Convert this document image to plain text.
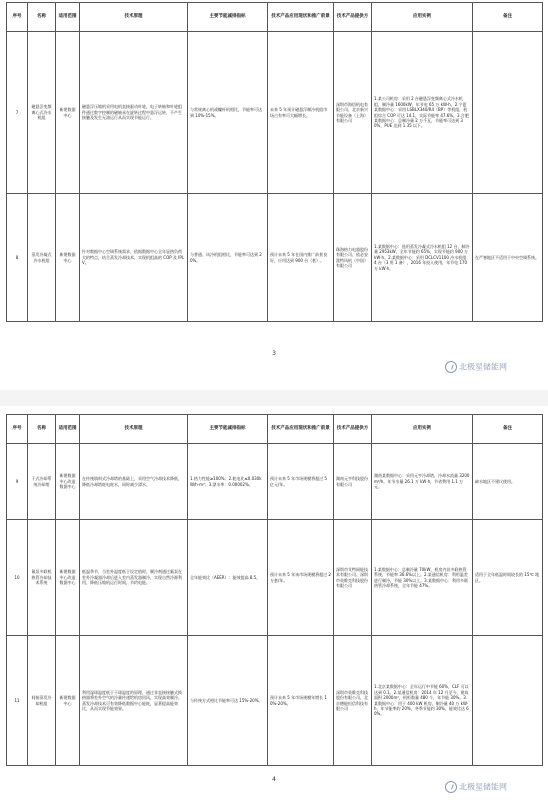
序号	名称	适用范围	技术原理	主要节能减排指标	技术产品应用现状和推广前景	技术产品提供方	应用实例	备注
7	磁悬浮变频离心式冷水机组	新建数据中心	磁悬浮压缩机采用电机直接驱动叶轮，电子转轴和叶轮组件通过数字控制的磁轴承在旋转过程中悬浮运转，不产生接触及发生无油运行从而实现节能运行。	与常规离心机或螺杆机相比，节能率可达到 10%-15%。	未来 5 年预计磁悬浮制冷机组市场占有率可大幅增长。	深圳市海悟机电有限公司、北京新兴节能设备（上海）有限公司	1.某公司机房：采用 2 台磁悬浮变频离心式冷水机组，制冷量 1600kW，年节电 65 万 kW·h。2.宁夏某数据中心：采用 LSBLX340/R4（BP）等机组，机组综合 COP 可达 14.1，实际节能率 47.6%。3.合肥某数据中心：总制冷量 2 万千瓦，节能率可达到 30%，PUE 达到 1.35 以下。	
8	蒸发冷凝式冷水机组	新建数据中心	针对数据中心空调系统需求，依据数据中心全年显热负荷大的特点，结合蒸发冷却技术，实现机组高的 COP 及 IPLV。	与普通、风冷机组相比，节能率可达到 20%。	预计未来 5 年在国内推广前景良好，应用达到 900 台（套）。	珠海格力电器股份有限公司、依必安派特风机（中国）有限公司	1.某数据中心：选用蒸发冷凝式冷水机组 12 台，制冷量 2953kW，全年节能约 65%，实现节能约 900 万 kW·h。2.某数据中心：采用 DCLCV1100 冷水机组 4 台（3 用 1 备），2016 年投入使用，年节电 170 万 kW·h。	在严寒地区不适用于中央空调系统。
3
北极星储能网
序号	名称	适用范围	技术原理	主要节能减排指标	技术产品应用现状和推广前景	技术产品提供方	应用实例	备注
9	干式冷却系统冷却塔	新建数据中心改造数据中心	在传统填料式冷却塔的基础上，采用空气冷却技术降低，降低冷却塔耗电耗水，同时减少漂水。	1.热力性能≥100%；2.耗电比≤0.030kW/h·m³；3.漂水率：0.00002%。	预计未来 5 年市场规模将超过 5 亿元/年。	湖南元亨科技股份有限公司	湖南某数据中心：采用元亨冷却塔，冷却水流量 3200 m³/h，年节水量 26.1 万 kW·h，节省费用 1.1 万元。	缺水地区不建议使用。
10	氟泵多联机热管冷却技术系统	新建数据中心改造数据中心	低温季节，当室外温度低于设定值时，制冷剂通过氟泵在室外冷凝器冷却后进入室内蒸发器制冷，实现自然冷源利用，降低压缩机运行时间，节约电能。	全年能效比（AEER）：能效提高 8.5。	预计未来 5 年该市场规模将超过 2 万套/年。	深圳市艾特网能技术有限公司、深圳市英维克科技股份有限公司	1.某数据中心：总制冷量 70kW，机房内设多联热管系统，节能率 36.6%以上。2.某通信机房：利用温差进行制冷，节能 30%以上。3.某数据中心：利用多联热管冷却系统，全年节能 47%。	适用于全年低温时间较长的 15℃ 地区。
11	间接蒸发冷却机组	新建数据中心	利用湿球温度低于干球温度的原理，通过非直接接触式换热器将室外空气的冷量传递给机房回风，实现高效制冷。蒸发冷却技术可有效降低数据中心能耗，显著提高能效比，从而实现节能效果。	与传统方式相比节能率可达 15%-20%。	预计未来 5 年市场规模年增长 10%-20%。	深圳市英维克科技股份有限公司、北京德能恒信科技有限公司	1.北京某数据中心：全年运行中节能 60%，CLF 可以达到 0.1。2.某通信机房：2014 年 12 月至今，建筑面积 2000m²，机柜数量 480 个，年节能 30%。3.某数据中心：用于 400 kW 机房，制冷量 40 万 kW·h，年节能率约 20%，冬季节能约 30%，能效比达 60%。	
4
北极星储能网
